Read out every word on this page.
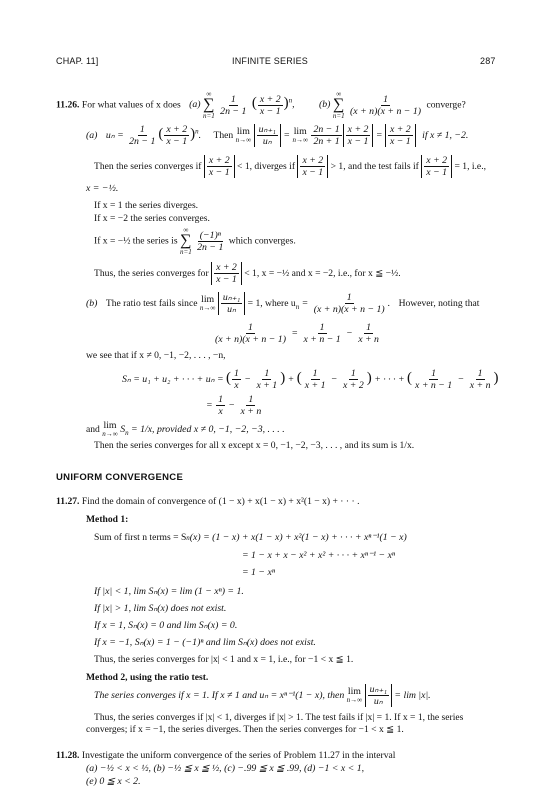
CHAP. 11]	INFINITE SERIES	287
11.26. For what values of x does (a)
∞
∑
n=1
$\frac{1}{2n - 1}$ ( $\frac{x + 2}{x - 1} )^n$, (b)
∞
∑
n=1
$\frac{1}{(x + n)(x + n - 1)}$ converge?
(a) $u_n = \frac{1}{2n - 1}$ ( $\frac{x + 2}{x - 1} )^n$. Then lim
n→∞
$\frac{\text{uₙ₊₁}}{\text{uₙ}} = \lim$
n→∞
$\frac{2n - 1}{2n + 1} \frac{x + 2}{x - 1} = \frac{x + 2}{x - 1}$ if x ≠ 1, −2.
Then the series converges if $\frac{x + 2}{x - 1} < 1$, diverges if $\frac{x + 2}{x - 1} > 1$, and the test fails if $\frac{x + 2}{x - 1} = 1$, i.e.,
x = −½.
If x = 1 the series diverges.
If x = −2 the series converges.
If x = −½ the series is
∞
∑
n=1
$\frac{\text{(−1)ⁿ}}{2n - 1}$ which converges.
Thus, the series converges for $\frac{x + 2}{x - 1} < 1$, x = −½ and x = −2, i.e., for x ≦ −½.
(b) The ratio test fails since lim
n→∞
$\frac{\text{uₙ₊₁}}{\text{uₙ}} = 1$, where $u_n = \frac{1}{(x + n)(x + n - 1)}$ . However, noting that
$\frac{1}{(x + n)(x + n - 1)} = \frac{1}{x + n - 1} - \frac{1}{x + n}$
we see that if x ≠ 0, −1, −2, . . . , −n,
Sₙ = u₁ + u₂ + · · · + uₙ = ( $\frac{1}{x} - \frac{1}{x + 1}$ ) + ( $\frac{1}{x + 1} - \frac{1}{x + 2}$ ) + · · · + ( $\frac{1}{x + n - 1} - \frac{1}{x + n}$ )
= $\frac{1}{x} - \frac{1}{x + n}$
and lim
n→∞ $S_n = 1/x$, provided x ≠ 0, −1, −2, −3, . . . .
Then the series converges for all x except x = 0, −1, −2, −3, . . . , and its sum is 1/x.
UNIFORM CONVERGENCE
11.27. Find the domain of convergence of (1 − x) + x(1 − x) + x²(1 − x) + · · · .
Method 1:
Sum of first n terms = Sn(x) = (1 − x) + x(1 − x) + x²(1 − x) + · · · + xⁿ⁻¹(1 − x)
= 1 − x + x − x² + x² + · · · + xⁿ⁻¹ − xⁿ
= 1 − xⁿ
If |x| < 1, lim Sₙ(x) = lim (1 − xⁿ) = 1.
If |x| > 1, lim Sₙ(x) does not exist.
If x = 1, Sₙ(x) = 0 and lim Sₙ(x) = 0.
If x = −1, Sₙ(x) = 1 − (−1)ⁿ and lim Sₙ(x) does not exist.
Thus, the series converges for |x| < 1 and x = 1, i.e., for −1 < x ≦ 1.
Method 2, using the ratio test.
The series converges if x = 1. If x ≠ 1 and uₙ = xⁿ⁻¹(1 − x), then lim
n→∞
$\frac{\text{uₙ₊₁}}{\text{uₙ}} = \lim |x|$.
Thus, the series converges if |x| < 1, diverges if |x| > 1. The test fails if |x| = 1. If x = 1, the series
converges; if x = −1, the series diverges. Then the series converges for −1 < x ≦ 1.
11.28. Investigate the uniform convergence of the series of Problem 11.27 in the interval
(a) −½ < x < ½, (b) −½ ≦ x ≦ ½, (c) −.99 ≦ x ≦ .99, (d) −1 < x < 1,
(e) 0 ≦ x < 2.
